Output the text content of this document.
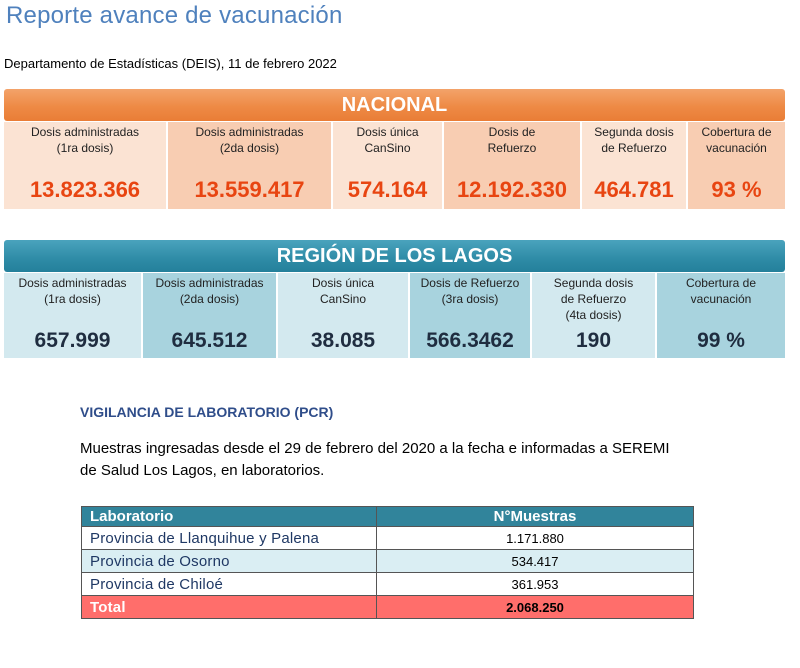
Reporte avance de vacunación
Departamento de Estadísticas (DEIS), 11 de febrero 2022
NACIONAL
Dosis administradas
(1ra dosis)
13.823.366
Dosis administradas
(2da dosis)
13.559.417
Dosis única
CanSino
574.164
Dosis de
Refuerzo
12.192.330
Segunda dosis
de Refuerzo
464.781
Cobertura de
vacunación
93 %
REGIÓN DE LOS LAGOS
Dosis administradas
(1ra dosis)
657.999
Dosis administradas
(2da dosis)
645.512
Dosis única
CanSino
38.085
Dosis de Refuerzo
(3ra dosis)
566.3462
Segunda dosis
de Refuerzo
(4ta dosis)
190
Cobertura de
vacunación
99 %
VIGILANCIA DE LABORATORIO (PCR)
Muestras ingresadas desde el 29 de febrero del 2020 a la fecha e informadas a SEREMI de Salud Los Lagos, en laboratorios.
Laboratorio	N°Muestras
Provincia de Llanquihue y Palena	1.171.880
Provincia de Osorno	534.417
Provincia de Chiloé	361.953
Total	2.068.250
